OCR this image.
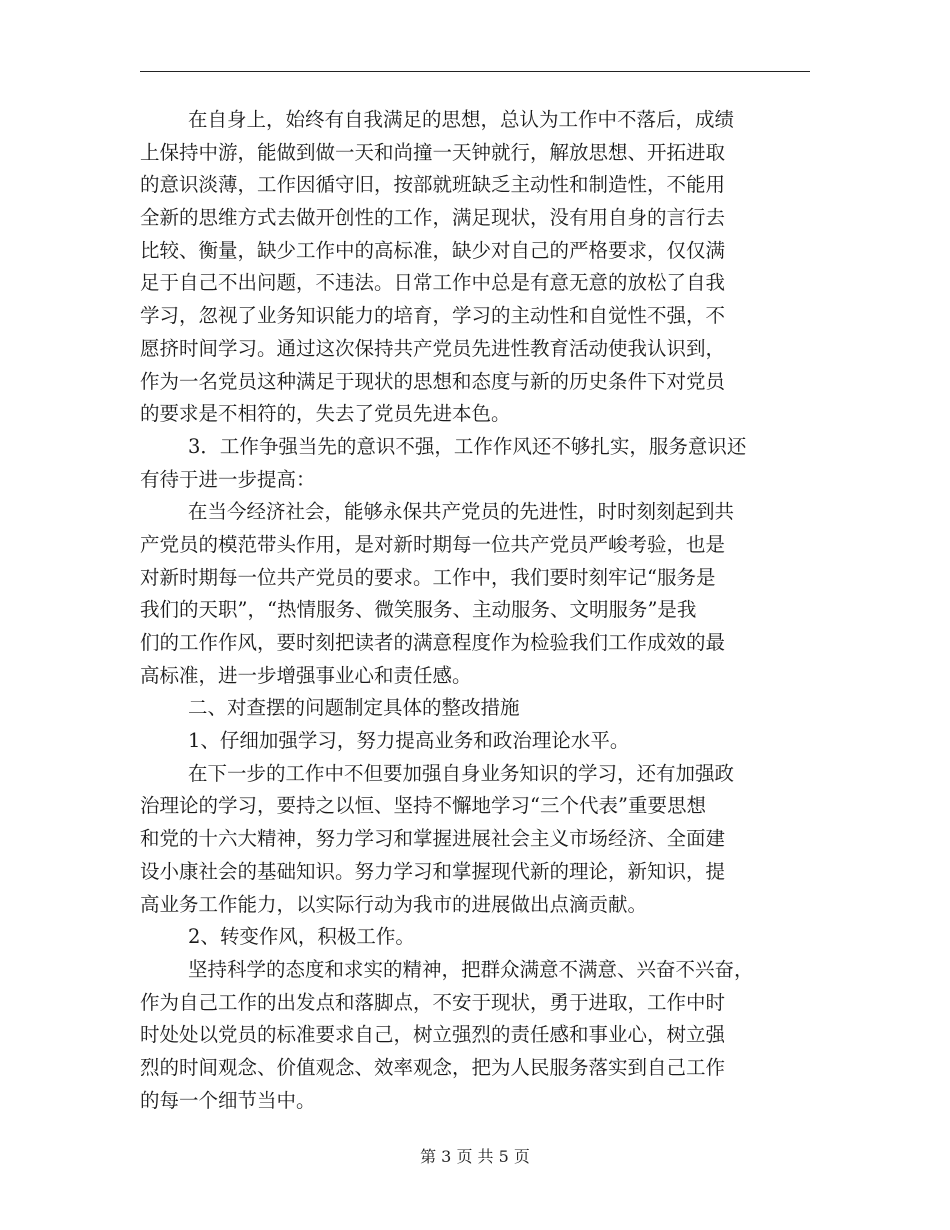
在自身上，始终有自我满足的思想，总认为工作中不落后，成绩
上保持中游，能做到做一天和尚撞一天钟就行，解放思想、开拓进取
的意识淡薄，工作因循守旧，按部就班缺乏主动性和制造性，不能用
全新的思维方式去做开创性的工作，满足现状，没有用自身的言行去
比较、衡量，缺少工作中的高标准，缺少对自己的严格要求，仅仅满
足于自己不出问题，不违法。日常工作中总是有意无意的放松了自我
学习，忽视了业务知识能力的培育，学习的主动性和自觉性不强，不
愿挤时间学习。通过这次保持共产党员先进性教育活动使我认识到，
作为一名党员这种满足于现状的思想和态度与新的历史条件下对党员
的要求是不相符的，失去了党员先进本色。
3．工作争强当先的意识不强，工作作风还不够扎实，服务意识还
有待于进一步提高：
在当今经济社会，能够永保共产党员的先进性，时时刻刻起到共
产党员的模范带头作用，是对新时期每一位共产党员严峻考验，也是
对新时期每一位共产党员的要求。工作中，我们要时刻牢记“服务是
我们的天职”，“热情服务、微笑服务、主动服务、文明服务”是我
们的工作作风，要时刻把读者的满意程度作为检验我们工作成效的最
高标准，进一步增强事业心和责任感。
二、对查摆的问题制定具体的整改措施
1、仔细加强学习，努力提高业务和政治理论水平。
在下一步的工作中不但要加强自身业务知识的学习，还有加强政
治理论的学习，要持之以恒、坚持不懈地学习“三个代表”重要思想
和党的十六大精神，努力学习和掌握进展社会主义市场经济、全面建
设小康社会的基础知识。努力学习和掌握现代新的理论，新知识，提
高业务工作能力，以实际行动为我市的进展做出点滴贡献。
2、转变作风，积极工作。
坚持科学的态度和求实的精神，把群众满意不满意、兴奋不兴奋，
作为自己工作的出发点和落脚点，不安于现状，勇于进取，工作中时
时处处以党员的标准要求自己，树立强烈的责任感和事业心，树立强
烈的时间观念、价值观念、效率观念，把为人民服务落实到自己工作
的每一个细节当中。
第 3 页 共 5 页
